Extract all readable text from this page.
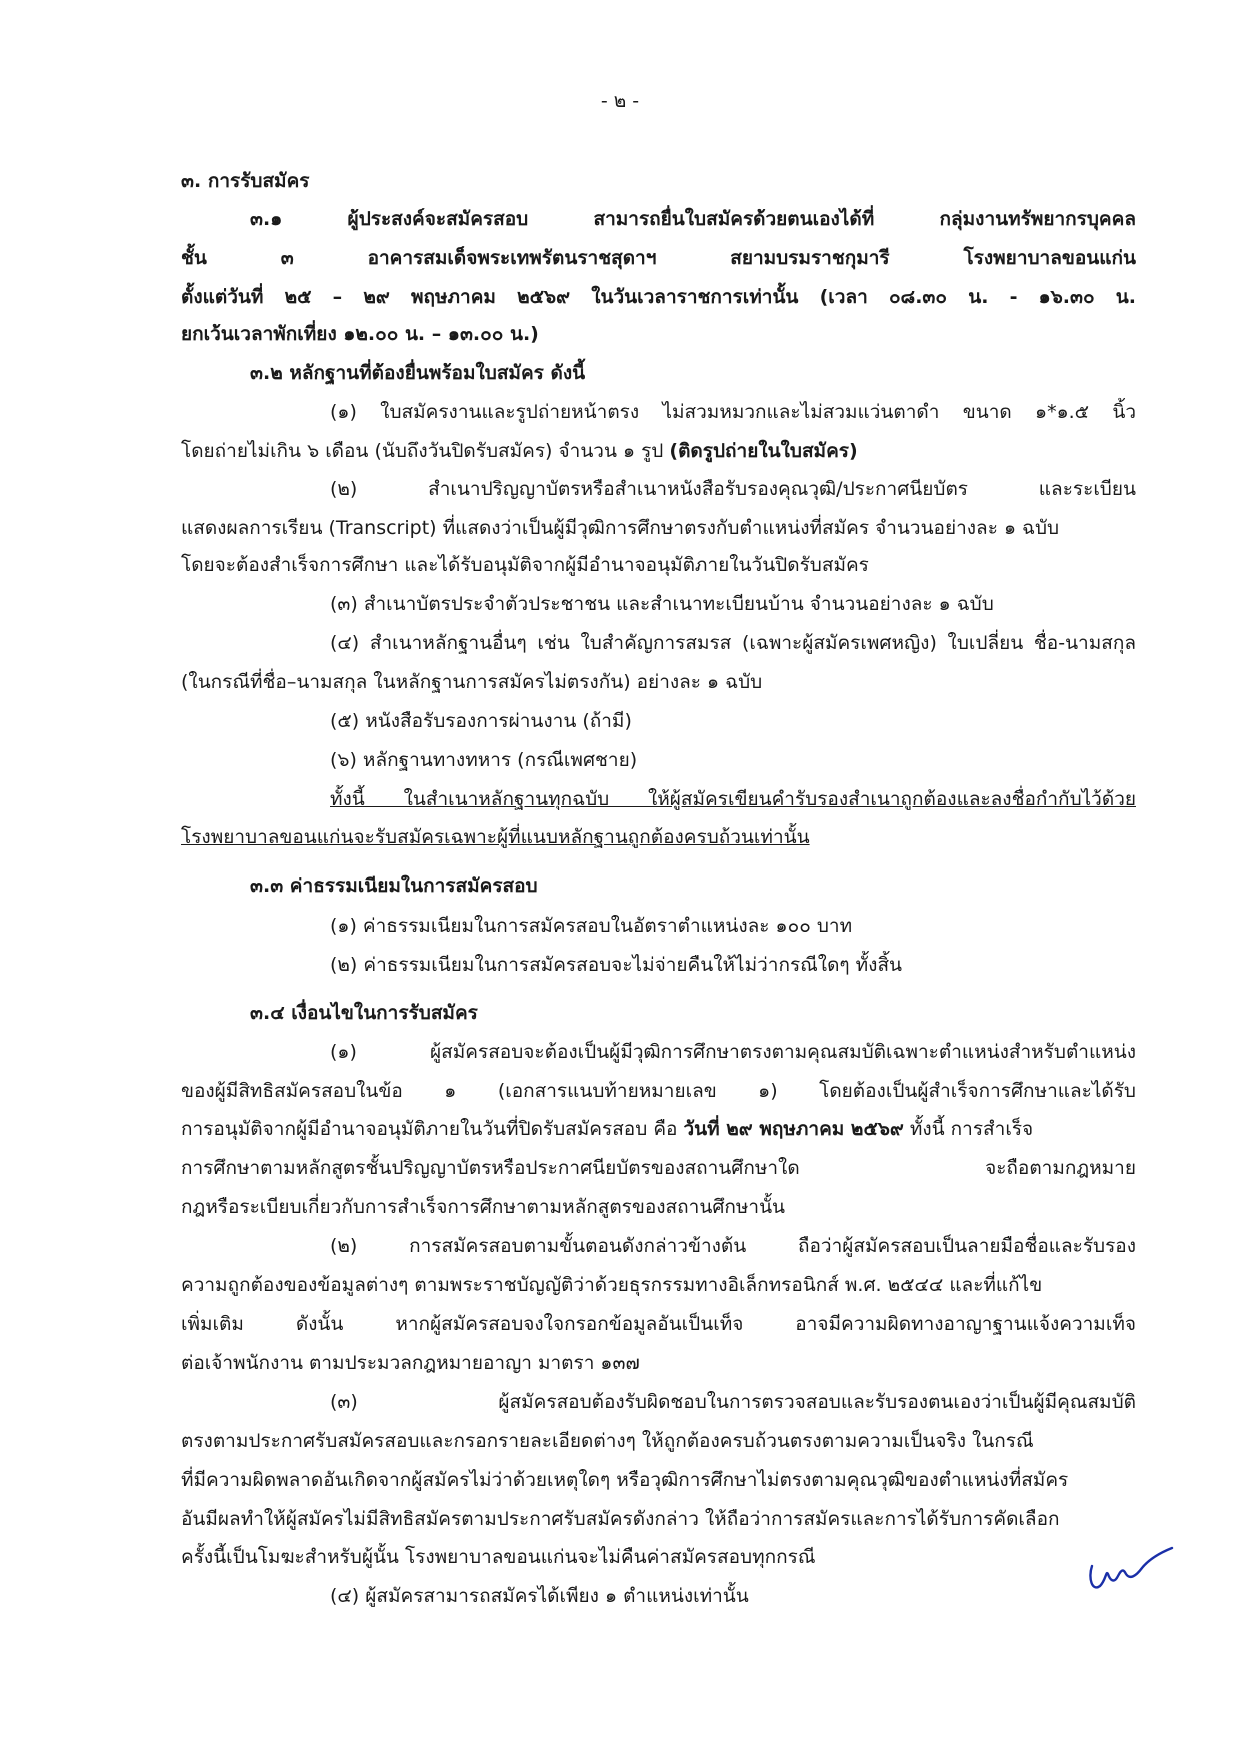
- ๒ -
๓. การรับสมัคร
๓.๑ ผู้ประสงค์จะสมัครสอบ สามารถยื่นใบสมัครด้วยตนเองได้ที่ กลุ่มงานทรัพยากรบุคคล
ชั้น ๓ อาคารสมเด็จพระเทพรัตนราชสุดาฯ สยามบรมราชกุมารี โรงพยาบาลขอนแก่น
ตั้งแต่วันที่ ๒๕ – ๒๙ พฤษภาคม ๒๕๖๙ ในวันเวลาราชการเท่านั้น (เวลา ๐๘.๓๐ น. - ๑๖.๓๐ น.
ยกเว้นเวลาพักเที่ยง ๑๒.๐๐ น. – ๑๓.๐๐ น.)
๓.๒ หลักฐานที่ต้องยื่นพร้อมใบสมัคร ดังนี้
(๑) ใบสมัครงานและรูปถ่ายหน้าตรง ไม่สวมหมวกและไม่สวมแว่นตาดำ ขนาด ๑*๑.๕ นิ้ว
โดยถ่ายไม่เกิน ๖ เดือน (นับถึงวันปิดรับสมัคร) จำนวน ๑ รูป (ติดรูปถ่ายในใบสมัคร)
(๒) สำเนาปริญญาบัตรหรือสำเนาหนังสือรับรองคุณวุฒิ/ประกาศนียบัตร และระเบียน
แสดงผลการเรียน (Transcript) ที่แสดงว่าเป็นผู้มีวุฒิการศึกษาตรงกับตำแหน่งที่สมัคร จำนวนอย่างละ ๑ ฉบับ
โดยจะต้องสำเร็จการศึกษา และได้รับอนุมัติจากผู้มีอำนาจอนุมัติภายในวันปิดรับสมัคร
(๓) สำเนาบัตรประจำตัวประชาชน และสำเนาทะเบียนบ้าน จำนวนอย่างละ ๑ ฉบับ
(๔) สำเนาหลักฐานอื่นๆ เช่น ใบสำคัญการสมรส (เฉพาะผู้สมัครเพศหญิง) ใบเปลี่ยน ชื่อ-นามสกุล
(ในกรณีที่ชื่อ–นามสกุล ในหลักฐานการสมัครไม่ตรงกัน) อย่างละ ๑ ฉบับ
(๕) หนังสือรับรองการผ่านงาน (ถ้ามี)
(๖) หลักฐานทางทหาร (กรณีเพศชาย)
ทั้งนี้ ในสำเนาหลักฐานทุกฉบับ ให้ผู้สมัครเขียนคำรับรองสำเนาถูกต้องและลงชื่อกำกับไว้ด้วย
โรงพยาบาลขอนแก่นจะรับสมัครเฉพาะผู้ที่แนบหลักฐานถูกต้องครบถ้วนเท่านั้น
๓.๓ ค่าธรรมเนียมในการสมัครสอบ
(๑) ค่าธรรมเนียมในการสมัครสอบในอัตราตำแหน่งละ ๑๐๐ บาท
(๒) ค่าธรรมเนียมในการสมัครสอบจะไม่จ่ายคืนให้ไม่ว่ากรณีใดๆ ทั้งสิ้น
๓.๔ เงื่อนไขในการรับสมัคร
(๑) ผู้สมัครสอบจะต้องเป็นผู้มีวุฒิการศึกษาตรงตามคุณสมบัติเฉพาะตำแหน่งสำหรับตำแหน่ง
ของผู้มีสิทธิสมัครสอบในข้อ ๑ (เอกสารแนบท้ายหมายเลข ๑) โดยต้องเป็นผู้สำเร็จการศึกษาและได้รับ
การอนุมัติจากผู้มีอำนาจอนุมัติภายในวันที่ปิดรับสมัครสอบ คือ วันที่ ๒๙ พฤษภาคม ๒๕๖๙ ทั้งนี้ การสำเร็จ
การศึกษาตามหลักสูตรชั้นปริญญาบัตรหรือประกาศนียบัตรของสถานศึกษาใด จะถือตามกฎหมาย
กฎหรือระเบียบเกี่ยวกับการสำเร็จการศึกษาตามหลักสูตรของสถานศึกษานั้น
(๒) การสมัครสอบตามขั้นตอนดังกล่าวข้างต้น ถือว่าผู้สมัครสอบเป็นลายมือชื่อและรับรอง
ความถูกต้องของข้อมูลต่างๆ ตามพระราชบัญญัติว่าด้วยธุรกรรมทางอิเล็กทรอนิกส์ พ.ศ. ๒๕๔๔ และที่แก้ไข
เพิ่มเติม ดังนั้น หากผู้สมัครสอบจงใจกรอกข้อมูลอันเป็นเท็จ อาจมีความผิดทางอาญาฐานแจ้งความเท็จ
ต่อเจ้าพนักงาน ตามประมวลกฎหมายอาญา มาตรา ๑๓๗
(๓) ผู้สมัครสอบต้องรับผิดชอบในการตรวจสอบและรับรองตนเองว่าเป็นผู้มีคุณสมบัติ
ตรงตามประกาศรับสมัครสอบและกรอกรายละเอียดต่างๆ ให้ถูกต้องครบถ้วนตรงตามความเป็นจริง ในกรณี
ที่มีความผิดพลาดอันเกิดจากผู้สมัครไม่ว่าด้วยเหตุใดๆ หรือวุฒิการศึกษาไม่ตรงตามคุณวุฒิของตำแหน่งที่สมัคร
อันมีผลทำให้ผู้สมัครไม่มีสิทธิสมัครตามประกาศรับสมัครดังกล่าว ให้ถือว่าการสมัครและการได้รับการคัดเลือก
ครั้งนี้เป็นโมฆะสำหรับผู้นั้น โรงพยาบาลขอนแก่นจะไม่คืนค่าสมัครสอบทุกกรณี
(๔) ผู้สมัครสามารถสมัครได้เพียง ๑ ตำแหน่งเท่านั้น
